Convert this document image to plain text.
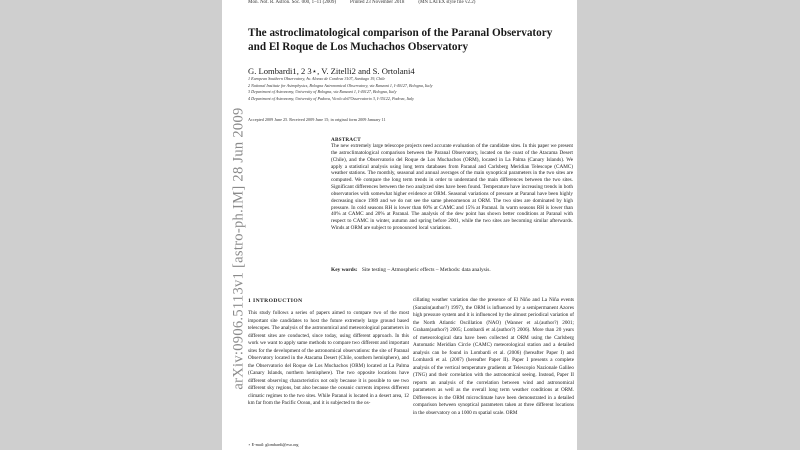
arXiv:0906.5113v1 [astro-ph.IM] 28 Jun 2009
Mon. Not. R. Astron. Soc. 000, 1–11 (2009)	Printed 23 November 2018	(MN LATEX style file v2.2)
The astroclimatological comparison of the Paranal Observatory and El Roque de Los Muchachos Observatory
G. Lombardi1, 2 3⋆, V. Zitelli2 and S. Ortolani4
1 European Southern Observatory, Av. Alonso de Cordova 3107, Santiago 19, Chile
2 National Institute for Astrophysics, Bologna Astronomical Observatory, via Ranzani 1, I-40127, Bologna, Italy
3 Department of Astronomy, University of Bologna, via Ranzani 1, I-40127, Bologna, Italy
4 Department of Astronomy, University of Padova, Vicolo dell'Osservatorio 3, I-35122, Padova, Italy
Accepted 2009 June 25. Received 2009 June 15; in original form 2009 January 11
ABSTRACT
The new extremely large telescope projects need accurate evaluation of the candidate sites. In this paper we present the astroclimatological comparison between the Paranal Observatory, located on the coast of the Atacama Desert (Chile), and the Observatorio del Roque de Los Muchachos (ORM), located in La Palma (Canary Islands). We apply a statistical analysis using long term databases from Paranal and Carlsberg Meridian Telescope (CAMC) weather stations. The monthly, seasonal and annual averages of the main synoptical parameters in the two sites are computed. We compare the long term trends in order to understand the main differences between the two sites. Significant differences between the two analyzed sites have been found. Temperature have increasing trends in both observatories with somewhat higher evidence at ORM. Seasonal variations of pressure at Paranal have been highly decreasing since 1989 and we do not see the same phenomenon at ORM. The two sites are dominated by high pressure. In cold seasons RH is lower than 60% at CAMC and 15% at Paranal. In warm seasons RH is lower than 40% at CAMC and 20% at Paranal. The analysis of the dew point has shown better conditions at Paranal with respect to CAMC in winter, autumn and spring before 2001, while the two sites are becoming similar afterwards. Winds at ORM are subject to pronounced local variations.
Key words: Site testing – Atmospheric effects – Methods: data analysis.
1 INTRODUCTION
This study follows a series of papers aimed to compare two of the most important site candidates to host the future extremely large ground based telescopes. The analysis of the astronomical and meteorological parameters in different sites are conducted, since today, using different approach. In this work we want to apply same methods to compare two different and important sites for the development of the astronomical observations: the site of Paranal Observatory located in the Atacama Desert (Chile, southern hemisphere), and the Observatorio del Roque de Los Muchachos (ORM) located at La Palma (Canary Islands, northern hemisphere). The two opposite locations have different observing characteristics not only because it is possible to see two different sky regions, but also because the oceanic currents impress different climatic regimes to the two sites. While Paranal is located in a desert area, 12 km far from the Pacific Ocean, and it is subjected to the os-
cillating weather variation due the presence of El Niño and La Niña events (Sarazin(author?) 1997), the ORM is influenced by a semipermanent Azores high pressure system and it is influenced by the almost periodical variation of the North Atlantic Oscillation (NAO) (Wanner et al.(author?) 2001; Graham(author?) 2005; Lombardi et al.(author?) 2006). More than 20 years of meteorological data have been collected at ORM using the Carlsberg Automatic Meridian Circle (CAMC) meteorological station and a detailed analysis can be found in Lombardi et al. (2006) (hereafter Paper I) and Lombardi et al. (2007) (hereafter Paper II). Paper I presents a complete analysis of the vertical temperature gradients at Telescopio Nazionale Galileo (TNG) and their correlation with the astronomical seeing. Instead, Paper II reports an analysis of the correlation between wind and astronomical parameters as well as the overall long term weather conditions at ORM. Differences in the ORM microclimate have been demonstrated in a detailed comparison between synoptical parameters taken at three different locations in the observatory on a 1000 m spatial scale. ORM
⋆ E-mail: glombardi@eso.org
